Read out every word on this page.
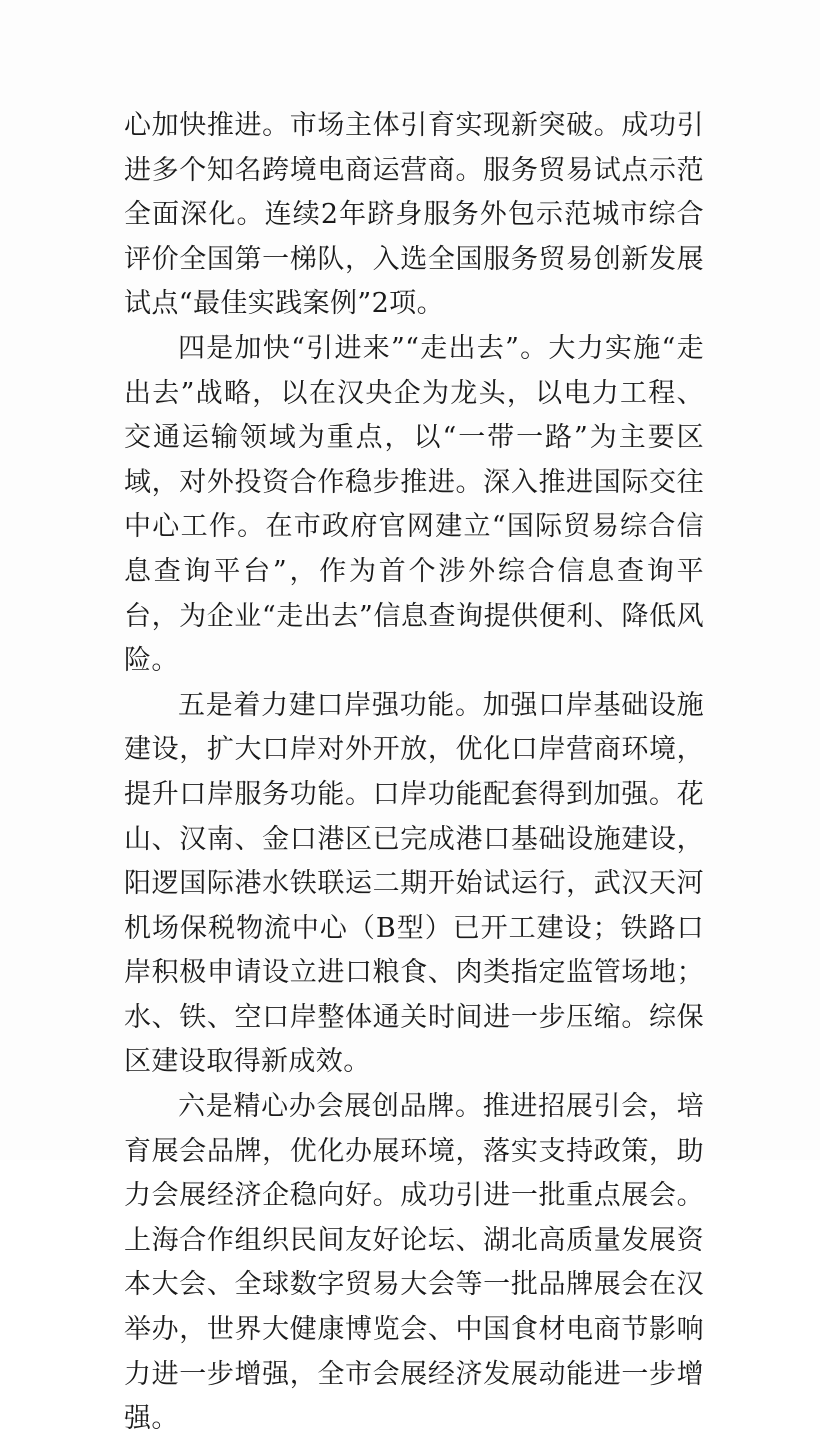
心加快推进。市场主体引育实现新突破。成功引进多个知名跨境电商运营商。服务贸易试点示范全面深化。连续2年跻身服务外包示范城市综合评价全国第一梯队，入选全国服务贸易创新发展试点“最佳实践案例”2项。

四是加快“引进来”“走出去”。大力实施“走出去”战略，以在汉央企为龙头，以电力工程、交通运输领域为重点，以“一带一路”为主要区域，对外投资合作稳步推进。深入推进国际交往中心工作。在市政府官网建立“国际贸易综合信息查询平台”，作为首个涉外综合信息查询平台，为企业“走出去”信息查询提供便利、降低风险。

五是着力建口岸强功能。加强口岸基础设施建设，扩大口岸对外开放，优化口岸营商环境，提升口岸服务功能。口岸功能配套得到加强。花山、汉南、金口港区已完成港口基础设施建设，阳逻国际港水铁联运二期开始试运行，武汉天河机场保税物流中心（B型）已开工建设；铁路口岸积极申请设立进口粮食、肉类指定监管场地；水、铁、空口岸整体通关时间进一步压缩。综保区建设取得新成效。

六是精心办会展创品牌。推进招展引会，培育展会品牌，优化办展环境，落实支持政策，助力会展经济企稳向好。成功引进一批重点展会。上海合作组织民间友好论坛、湖北高质量发展资本大会、全球数字贸易大会等一批品牌展会在汉举办，世界大健康博览会、中国食材电商节影响力进一步增强，全市会展经济发展动能进一步增强。
